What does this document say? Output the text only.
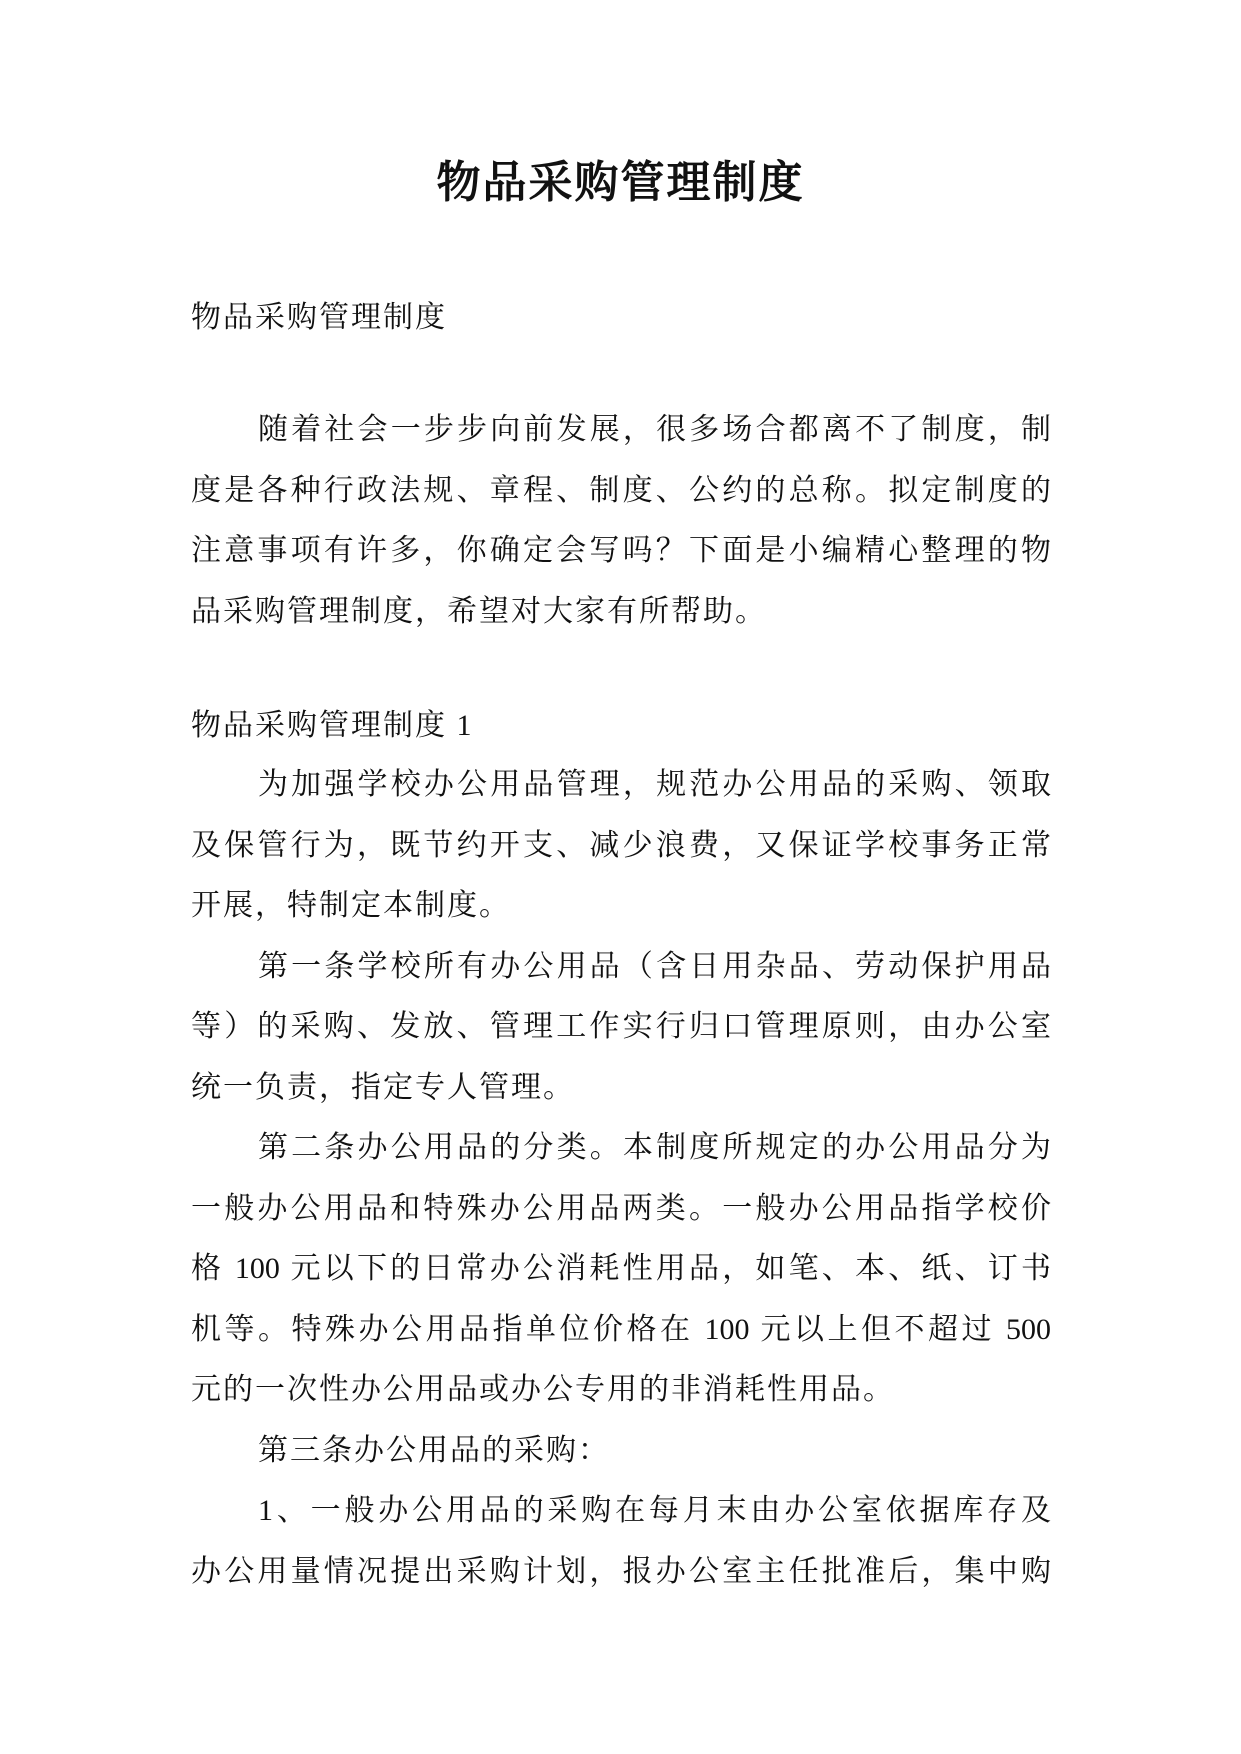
物品采购管理制度
物品采购管理制度
随着社会一步步向前发展，很多场合都离不了制度，制
度是各种行政法规、章程、制度、公约的总称。拟定制度的
注意事项有许多，你确定会写吗？下面是小编精心整理的物
品采购管理制度，希望对大家有所帮助。
物品采购管理制度 1
为加强学校办公用品管理，规范办公用品的采购、领取
及保管行为，既节约开支、减少浪费，又保证学校事务正常
开展，特制定本制度。
第一条学校所有办公用品（含日用杂品、劳动保护用品
等）的采购、发放、管理工作实行归口管理原则，由办公室
统一负责，指定专人管理。
第二条办公用品的分类。本制度所规定的办公用品分为
一般办公用品和特殊办公用品两类。一般办公用品指学校价
格 100 元以下的日常办公消耗性用品，如笔、本、纸、订书
机等。特殊办公用品指单位价格在 100 元以上但不超过 500
元的一次性办公用品或办公专用的非消耗性用品。
第三条办公用品的采购：
1、一般办公用品的采购在每月末由办公室依据库存及
办公用量情况提出采购计划，报办公室主任批准后，集中购
